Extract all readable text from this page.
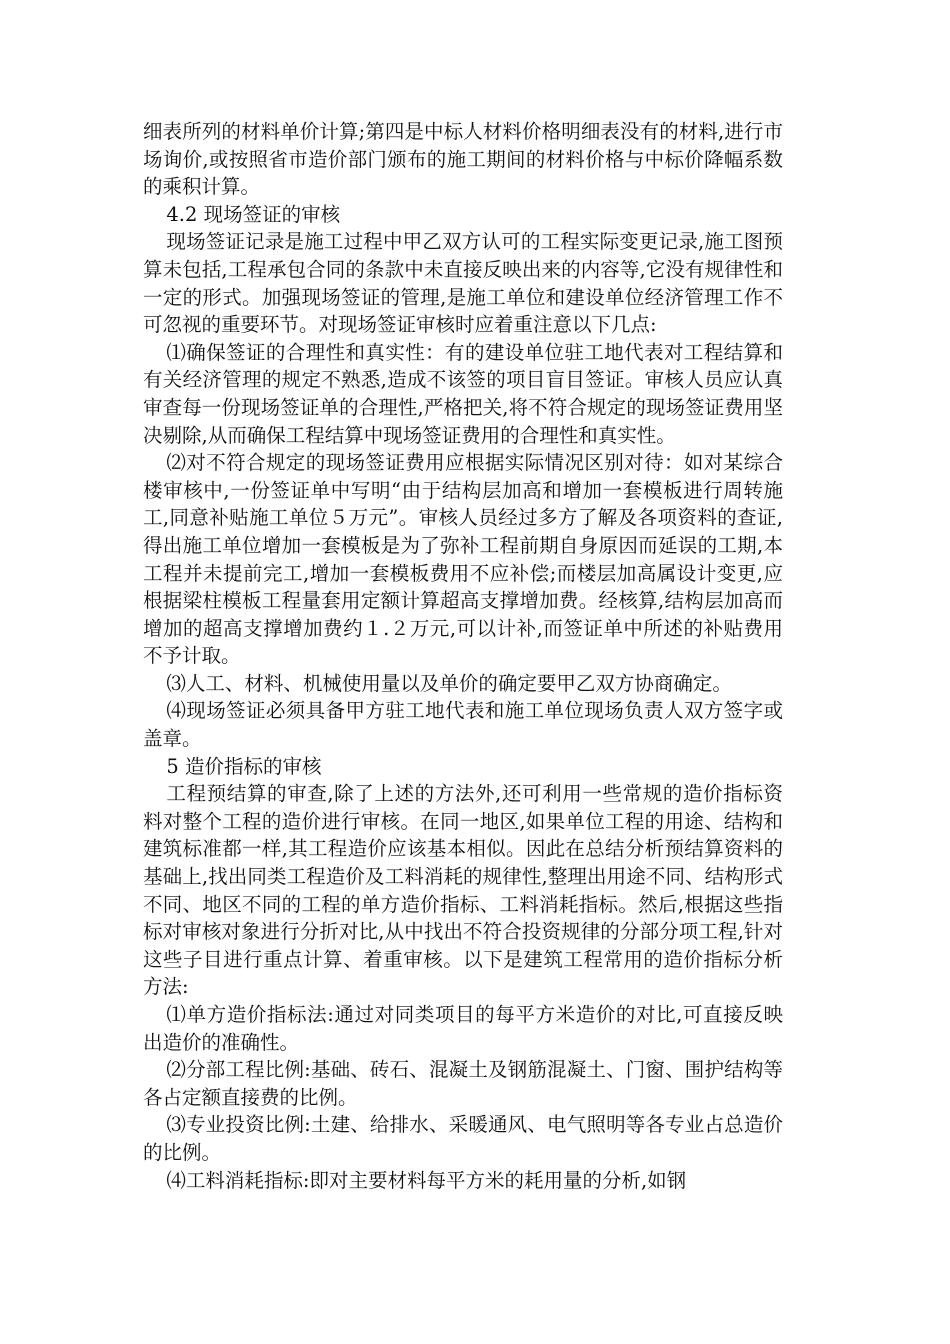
细表所列的材料单价计算;第四是中标人材料价格明细表没有的材料,进行市场询价,或按照省市造价部门颁布的施工期间的材料价格与中标价降幅系数的乘积计算。

4.2 现场签证的审核

现场签证记录是施工过程中甲乙双方认可的工程实际变更记录,施工图预算未包括,工程承包合同的条款中未直接反映出来的内容等,它没有规律性和一定的形式。加强现场签证的管理,是施工单位和建设单位经济管理工作不可忽视的重要环节。对现场签证审核时应着重注意以下几点:

⑴确保签证的合理性和真实性：有的建设单位驻工地代表对工程结算和有关经济管理的规定不熟悉,造成不该签的项目盲目签证。审核人员应认真审查每一份现场签证单的合理性,严格把关,将不符合规定的现场签证费用坚决剔除,从而确保工程结算中现场签证费用的合理性和真实性。

⑵对不符合规定的现场签证费用应根据实际情况区别对待：如对某综合楼审核中,一份签证单中写明“由于结构层加高和增加一套模板进行周转施工,同意补贴施工单位５万元”。审核人员经过多方了解及各项资料的查证,得出施工单位增加一套模板是为了弥补工程前期自身原因而延误的工期,本工程并未提前完工,增加一套模板费用不应补偿;而楼层加高属设计变更,应根据梁柱模板工程量套用定额计算超高支撑增加费。经核算,结构层加高而增加的超高支撑增加费约１.２万元,可以计补,而签证单中所述的补贴费用不予计取。

⑶人工、材料、机械使用量以及单价的确定要甲乙双方协商确定。

⑷现场签证必须具备甲方驻工地代表和施工单位现场负责人双方签字或盖章。

5 造价指标的审核

工程预结算的审查,除了上述的方法外,还可利用一些常规的造价指标资料对整个工程的造价进行审核。在同一地区,如果单位工程的用途、结构和建筑标准都一样,其工程造价应该基本相似。因此在总结分析预结算资料的基础上,找出同类工程造价及工料消耗的规律性,整理出用途不同、结构形式不同、地区不同的工程的单方造价指标、工料消耗指标。然后,根据这些指标对审核对象进行分折对比,从中找出不符合投资规律的分部分项工程,针对这些子目进行重点计算、着重审核。以下是建筑工程常用的造价指标分析方法:

⑴单方造价指标法:通过对同类项目的每平方米造价的对比,可直接反映出造价的准确性。

⑵分部工程比例:基础、砖石、混凝土及钢筋混凝土、门窗、围护结构等各占定额直接费的比例。

⑶专业投资比例:土建、给排水、采暖通风、电气照明等各专业占总造价的比例。

⑷工料消耗指标:即对主要材料每平方米的耗用量的分析,如钢
